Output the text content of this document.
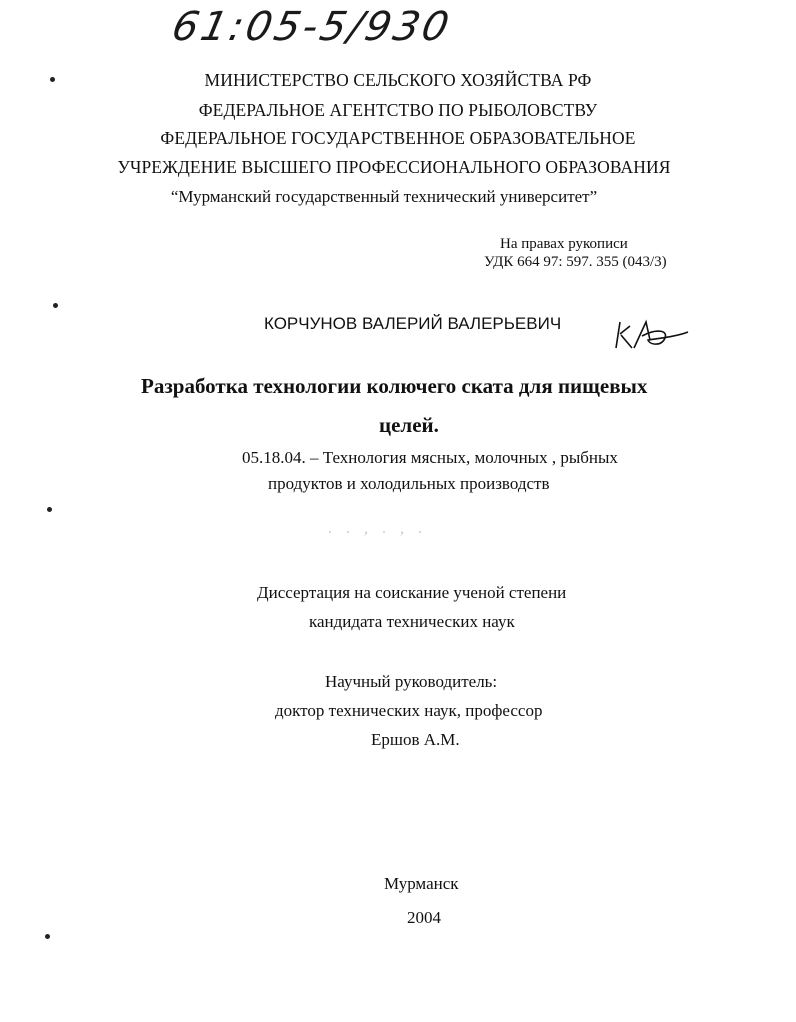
61:05-5/930
МИНИСТЕРСТВО СЕЛЬСКОГО ХОЗЯЙСТВА РФ
ФЕДЕРАЛЬНОЕ АГЕНТСТВО ПО РЫБОЛОВСТВУ
ФЕДЕРАЛЬНОЕ ГОСУДАРСТВЕННОЕ ОБРАЗОВАТЕЛЬНОЕ
УЧРЕЖДЕНИЕ ВЫСШЕГО ПРОФЕССИОНАЛЬНОГО ОБРАЗОВАНИЯ
“Мурманский государственный технический университет”
На правах рукописи
УДК 664 97: 597. 355 (043/3)
КОРЧУНОВ ВАЛЕРИЙ ВАЛЕРЬЕВИЧ
Разработка технологии колючего ската для пищевых
целей.
05.18.04. – Технология мясных, молочных , рыбных
продуктов и холодильных производств
. . , . , .
Диссертация на соискание ученой степени
кандидата технических наук
Научный руководитель:
доктор технических наук, профессор
Ершов А.М.
Мурманск
2004
